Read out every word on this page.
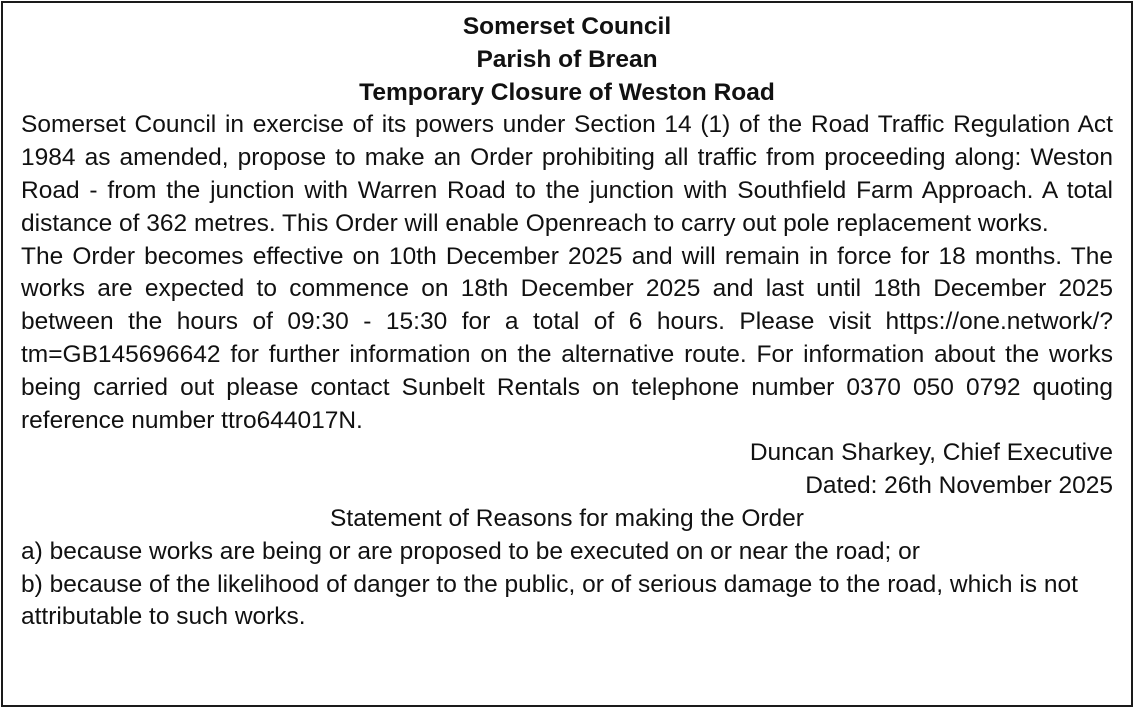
Somerset Council

Parish of Brean

Temporary Closure of Weston Road

Somerset Council in exercise of its powers under Section 14 (1) of the Road Traffic Regulation Act 1984 as amended, propose to make an Order prohibiting all traffic from proceeding along: Weston Road - from the junction with Warren Road to the junction with Southfield Farm Approach. A total distance of 362 metres. This Order will enable Openreach to carry out pole replacement works.

The Order becomes effective on 10th December 2025 and will remain in force for 18 months. The works are expected to commence on 18th December 2025 and last until 18th December 2025 between the hours of 09:30 - 15:30 for a total of 6 hours. Please visit https://one.network/?tm=GB145696642 for further information on the alternative route. For information about the works being carried out please contact Sunbelt Rentals on telephone number 0370 050 0792 quoting reference number ttro644017N.

Duncan Sharkey, Chief Executive

Dated: 26th November 2025

Statement of Reasons for making the Order

a) because works are being or are proposed to be executed on or near the road; or

b) because of the likelihood of danger to the public, or of serious damage to the road, which is not attributable to such works.
